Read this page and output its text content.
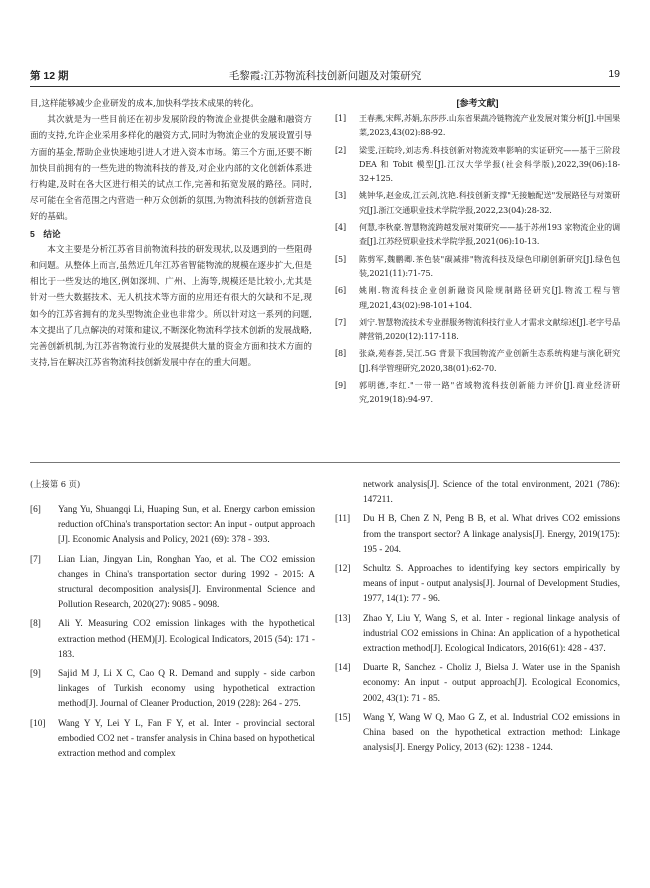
第 12 期	毛黎霞:江苏物流科技创新问题及对策研究	19

目,这样能够减少企业研发的成本,加快科学技术成果的转化。

其次就是为一些目前还在初步发展阶段的物流企业提供金融和融资方面的支持,允许企业采用多样化的融资方式,同时为物流企业的发展设置引导方面的基金,帮助企业快速地引进人才进入资本市场。第三个方面,还要不断加快目前拥有的一些先进的物流科技的普及,对企业内部的文化创新体系进行构建,及时在各大区进行相关的试点工作,完善和拓宽发展的路径。同时,尽可能在全省范围之内营造一种万众创新的氛围,为物流科技的创新营造良好的基础。

5　结论

本文主要是分析江苏省目前物流科技的研发现状,以及遇到的一些阻碍和问题。从整体上而言,虽然近几年江苏省智能物流的规模在逐步扩大,但是相比于一些发达的地区,例如深圳、广州、上海等,规模还是比较小,尤其是针对一些大数据技术、无人机技术等方面的应用还有很大的欠缺和不足,现如今的江苏省拥有的龙头型物流企业也非常少。所以针对这一系列的问题,本文提出了几点解决的对策和建议,不断深化物流科学技术创新的发展战略,完善创新机制,为江苏省物流行业的发展提供大量的资金方面和技术方面的支持,旨在解决江苏省物流科技创新发展中存在的重大问题。

[参考文献]

[1] 王春燕,宋辉,苏娟,东莎莎.山东省果蔬冷链物流产业发展对策分析[J].中国果菜,2023,43(02):88-92.
[2] 梁雯,汪皖玲,刘志秀.科技创新对物流效率影响的实证研究——基于三阶段 DEA 和 Tobit 模型[J].江汉大学学报(社会科学版),2022,39(06):18-32+125.
[3] 姚钟华,赵金成,江云剑,沈艳.科技创新支撑"无接触配送"发展路径与对策研究[J].浙江交通职业技术学院学报,2022,23(04):28-32.
[4] 何慧,李秋豪.智慧物流跨越发展对策研究——基于苏州193 家物流企业的调查[J].江苏经贸职业技术学院学报,2021(06):10-13.
[5] 陈剪军,魏鹏卿.茶色装"碳减排"物流科技及绿色印刷创新研究[J].绿色包装,2021(11):71-75.
[6] 姚刚.物流科技企业创新融资风险规制路径研究[J].物流工程与管理,2021,43(02):98-101+104.
[7] 刘宁.智慧物流技术专业群服务物流科技行业人才需求文献综述[J].老字号品牌营销,2020(12):117-118.
[8] 张焱,苑春荟,吴江.5G 背景下我国物流产业创新生态系统构建与演化研究[J].科学管理研究,2020,38(01):62-70.
[9] 郭明德,李红."一带一路"省域物流科技创新能力评价[J].商业经济研究,2019(18):94-97.

(上接第 6 页)

[6] Yang Yu, Shuangqi Li, Huaping Sun, et al. Energy carbon emission reduction ofChina's transportation sector: An input - output approach [J]. Economic Analysis and Policy, 2021 (69): 378 - 393.
[7] Lian Lian, Jingyan Lin, Ronghan Yao, et al. The CO2 emission changes in China's transportation sector during 1992 - 2015: A structural decomposition analysis[J]. Environmental Science and Pollution Research, 2020(27): 9085 - 9098.
[8] Ali Y. Measuring CO2 emission linkages with the hypothetical extraction method (HEM)[J]. Ecological Indicators, 2015 (54): 171 - 183.
[9] Sajid M J, Li X C, Cao Q R. Demand and supply - side carbon linkages of Turkish economy using hypothetical extraction method[J]. Journal of Cleaner Production, 2019 (228): 264 - 275.
[10] Wang Y Y, Lei Y L, Fan F Y, et al. Inter - provincial sectoral embodied CO2 net - transfer analysis in China based on hypothetical extraction method and complex
network analysis[J]. Science of the total environment, 2021 (786): 147211.
[11] Du H B, Chen Z N, Peng B B, et al. What drives CO2 emissions from the transport sector? A linkage analysis[J]. Energy, 2019(175): 195 - 204.
[12] Schultz S. Approaches to identifying key sectors empirically by means of input - output analysis[J]. Journal of Development Studies, 1977, 14(1): 77 - 96.
[13] Zhao Y, Liu Y, Wang S, et al. Inter - regional linkage analysis of industrial CO2 emissions in China: An application of a hypothetical extraction method[J]. Ecological Indicators, 2016(61): 428 - 437.
[14] Duarte R, Sanchez - Choliz J, Bielsa J. Water use in the Spanish economy: An input - output approach[J]. Ecological Economics, 2002, 43(1): 71 - 85.
[15] Wang Y, Wang W Q, Mao G Z, et al. Industrial CO2 emissions in China based on the hypothetical extraction method: Linkage analysis[J]. Energy Policy, 2013 (62): 1238 - 1244.
